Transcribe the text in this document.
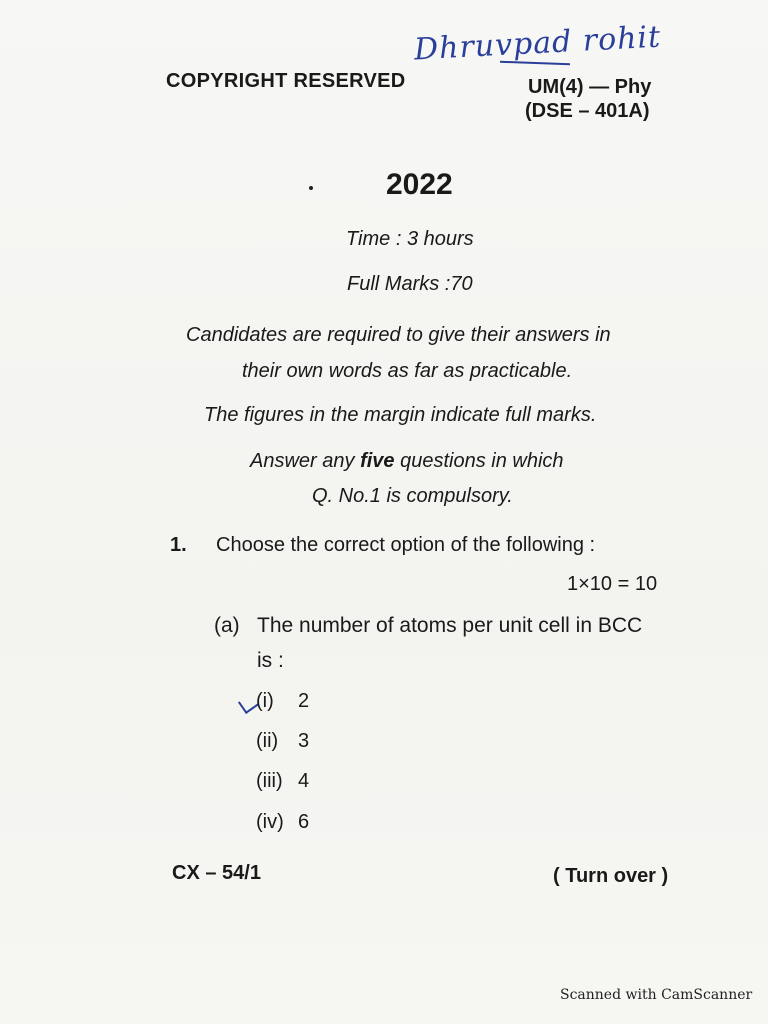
Dhruvpad rohit
COPYRIGHT RESERVED	UM(4) — Phy
(DSE – 401A)
2022
Time : 3 hours
Full Marks :70
Candidates are required to give their answers in
their own words as far as practicable.
The figures in the margin indicate full marks.
Answer any five questions in which
Q. No.1 is compulsory.
1. Choose the correct option of the following :
1×10 = 10
(a) The number of atoms per unit cell in BCC
is :
(i) 2
(ii) 3
(iii) 4
(iv) 6
CX – 54/1	( Turn over )
Scanned with CamScanner
